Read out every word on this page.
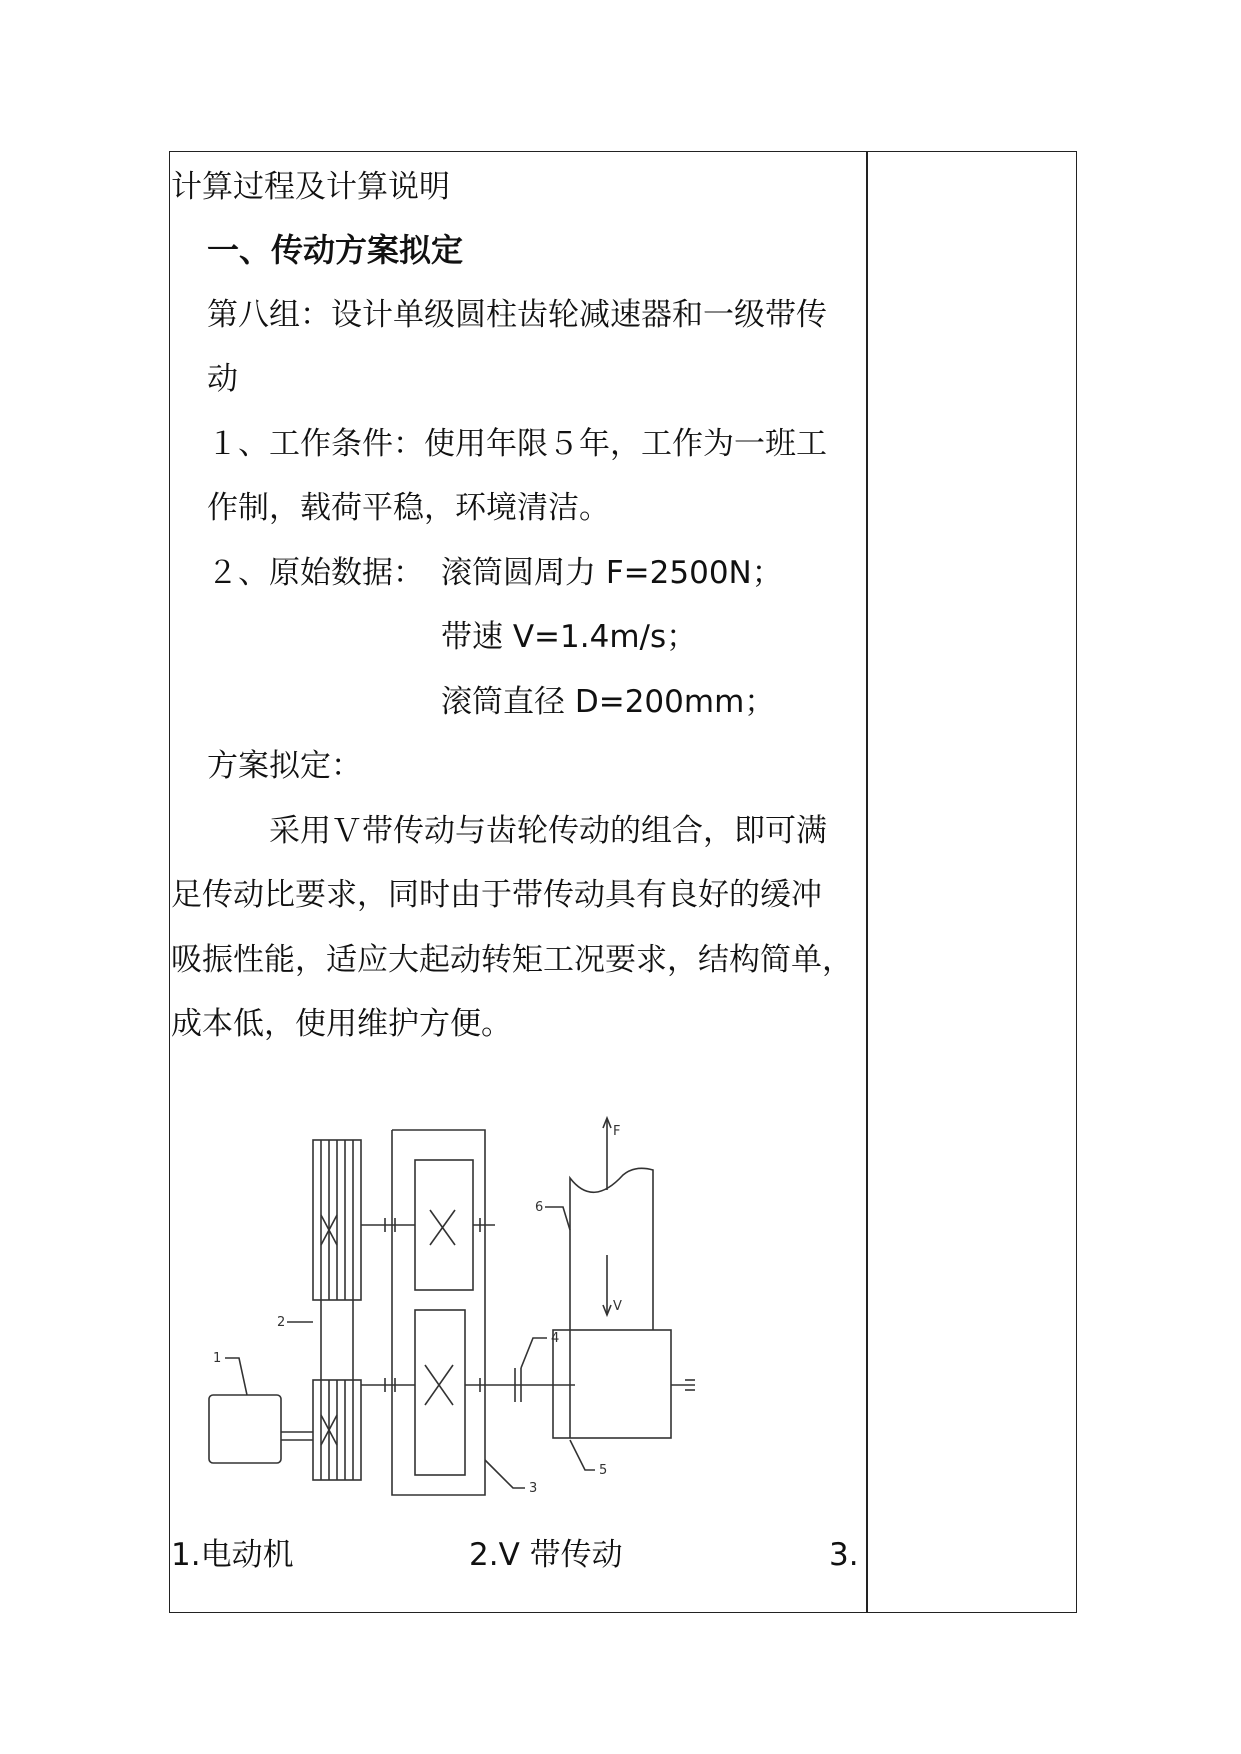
计算过程及计算说明
一、传动方案拟定
第八组：设计单级圆柱齿轮减速器和一级带传
动
１、工作条件：使用年限５年，工作为一班工
作制，载荷平稳，环境清洁。
２、原始数据： 滚筒圆周力 F=2500N；
带速 V=1.4m/s；
滚筒直径 D=200mm；
方案拟定：
采用Ｖ带传动与齿轮传动的组合，即可满
足传动比要求，同时由于带传动具有良好的缓冲
吸振性能，适应大起动转矩工况要求，结构简单，
成本低，使用维护方便。
1.电动机	2.V 带传动	3.
F
V
1
2
3
4
5
6
